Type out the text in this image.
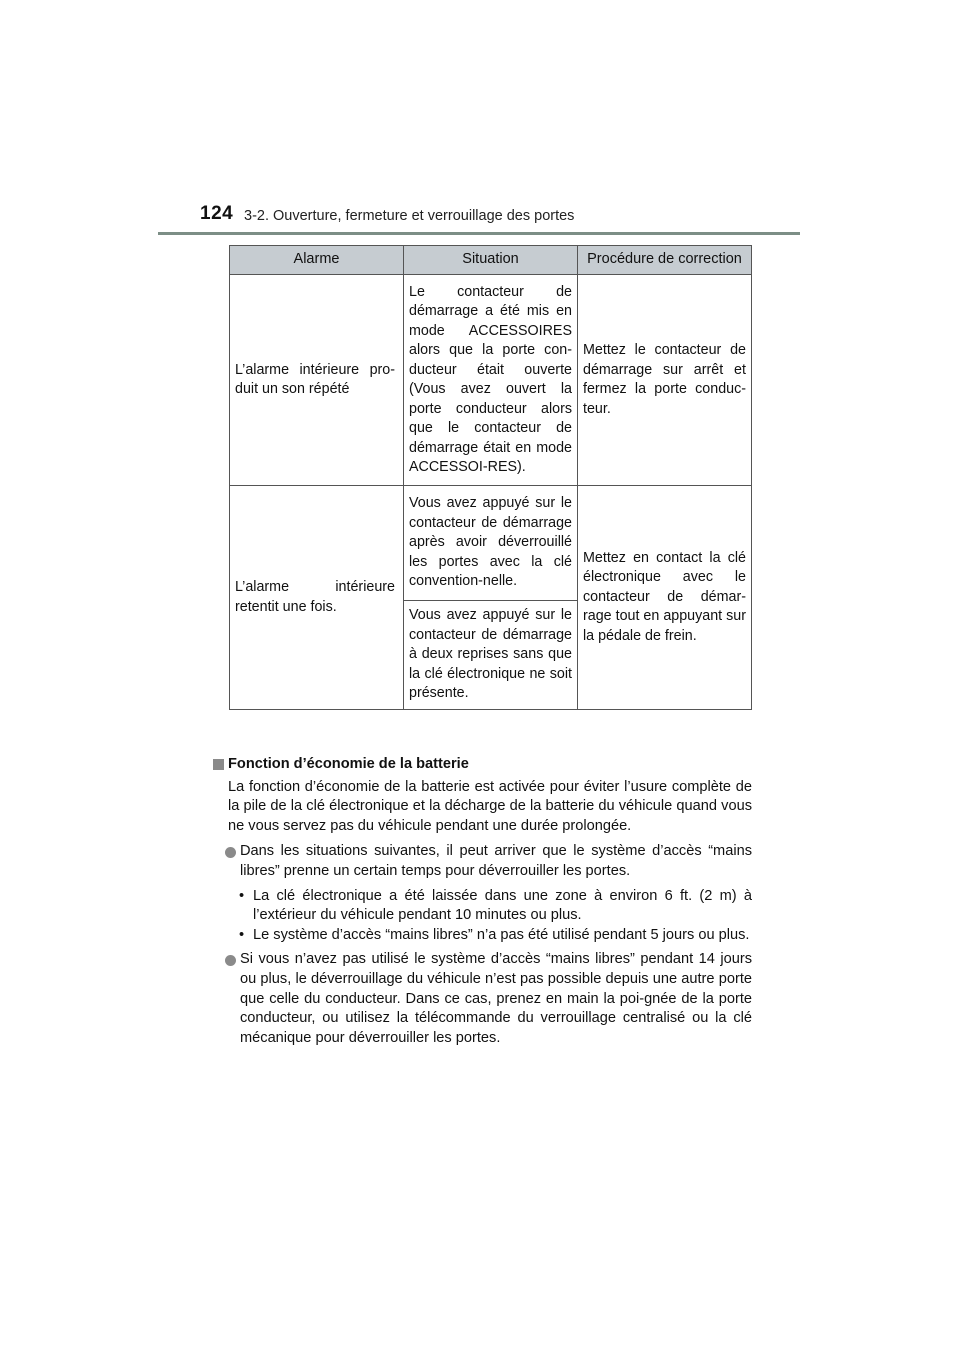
124 3-2. Ouverture, fermeture et verrouillage des portes
Alarme	Situation	Procédure de correction
L’alarme intérieure pro-duit un son répété	Le contacteur de démarrage a été mis en mode ACCESSOIRES alors que la porte con-ducteur était ouverte (Vous avez ouvert la porte conducteur alors que le contacteur de démarrage était en mode ACCESSOI-RES).	Mettez le contacteur de démarrage sur arrêt et fermez la porte conduc-teur.
L’alarme intérieure retentit une fois.	Vous avez appuyé sur le contacteur de démarrage après avoir déverrouillé les portes avec la clé convention-nelle.	Mettez en contact la clé électronique avec le contacteur de démar-rage tout en appuyant sur la pédale de frein.
	Vous avez appuyé sur le contacteur de démarrage à deux reprises sans que la clé électronique ne soit présente.	
Fonction d’économie de la batterie
La fonction d’économie de la batterie est activée pour éviter l’usure complète de la pile de la clé électronique et la décharge de la batterie du véhicule quand vous ne vous servez pas du véhicule pendant une durée prolongée.
Dans les situations suivantes, il peut arriver que le système d’accès “mains libres” prenne un certain temps pour déverrouiller les portes.
• La clé électronique a été laissée dans une zone à environ 6 ft. (2 m) à l’extérieur du véhicule pendant 10 minutes ou plus.
• Le système d’accès “mains libres” n’a pas été utilisé pendant 5 jours ou plus.
Si vous n’avez pas utilisé le système d’accès “mains libres” pendant 14 jours ou plus, le déverrouillage du véhicule n’est pas possible depuis une autre porte que celle du conducteur. Dans ce cas, prenez en main la poi-gnée de la porte conducteur, ou utilisez la télécommande du verrouillage centralisé ou la clé mécanique pour déverrouiller les portes.
